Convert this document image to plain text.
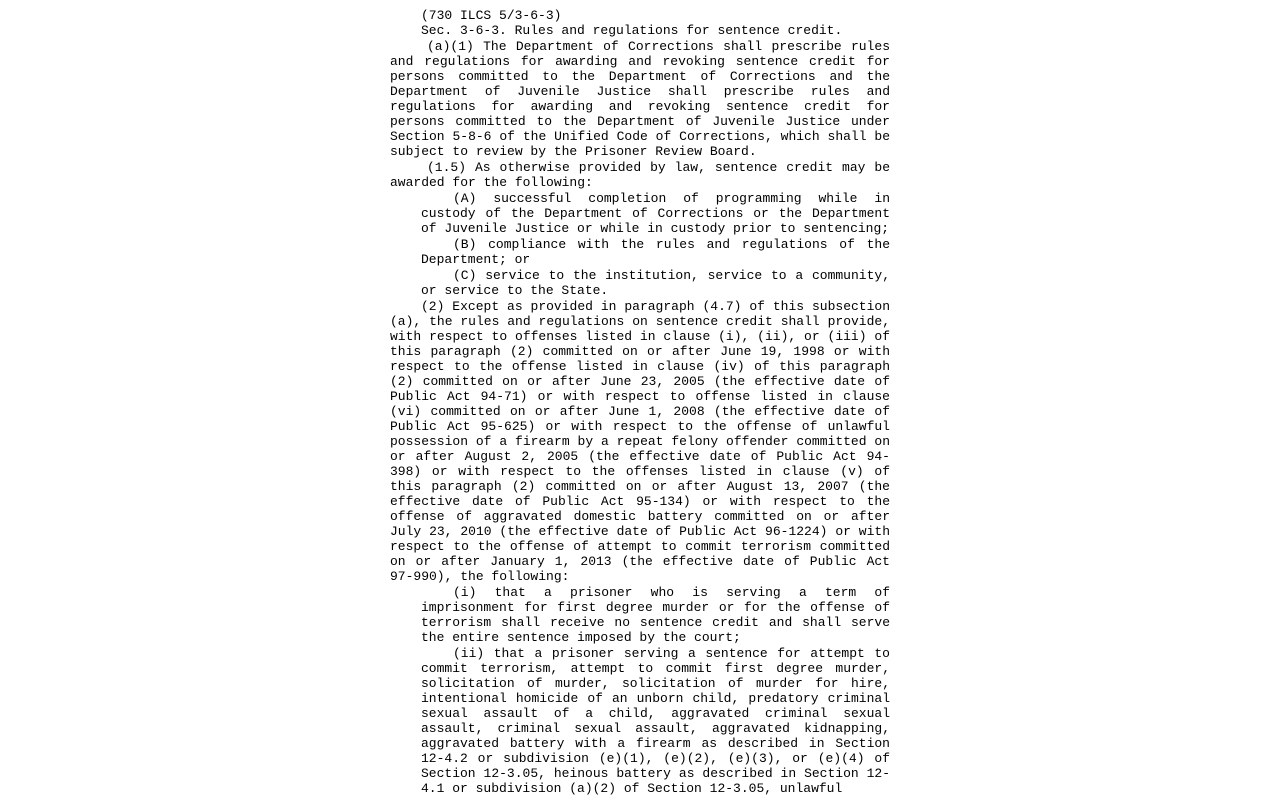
(730 ILCS 5/3-6-3)
Sec. 3-6-3. Rules and regulations for sentence credit.
(a)(1) The Department of Corrections shall prescribe rules and regulations for awarding and revoking sentence credit for persons committed to the Department of Corrections and the Department of Juvenile Justice shall prescribe rules and regulations for awarding and revoking sentence credit for persons committed to the Department of Juvenile Justice under Section 5-8-6 of the Unified Code of Corrections, which shall be subject to review by the Prisoner Review Board.
(1.5) As otherwise provided by law, sentence credit may be awarded for the following:
(A) successful completion of programming while in custody of the Department of Corrections or the Department of Juvenile Justice or while in custody prior to sentencing;
(B) compliance with the rules and regulations of the Department; or
(C) service to the institution, service to a community, or service to the State.
(2) Except as provided in paragraph (4.7) of this subsection (a), the rules and regulations on sentence credit shall provide, with respect to offenses listed in clause (i), (ii), or (iii) of this paragraph (2) committed on or after June 19, 1998 or with respect to the offense listed in clause (iv) of this paragraph (2) committed on or after June 23, 2005 (the effective date of Public Act 94-71) or with respect to offense listed in clause (vi) committed on or after June 1, 2008 (the effective date of Public Act 95-625) or with respect to the offense of unlawful possession of a firearm by a repeat felony offender committed on or after August 2, 2005 (the effective date of Public Act 94-398) or with respect to the offenses listed in clause (v) of this paragraph (2) committed on or after August 13, 2007 (the effective date of Public Act 95-134) or with respect to the offense of aggravated domestic battery committed on or after July 23, 2010 (the effective date of Public Act 96-1224) or with respect to the offense of attempt to commit terrorism committed on or after January 1, 2013 (the effective date of Public Act 97-990), the following:
(i) that a prisoner who is serving a term of imprisonment for first degree murder or for the offense of terrorism shall receive no sentence credit and shall serve the entire sentence imposed by the court;
(ii) that a prisoner serving a sentence for attempt to commit terrorism, attempt to commit first degree murder, solicitation of murder, solicitation of murder for hire, intentional homicide of an unborn child, predatory criminal sexual assault of a child, aggravated criminal sexual assault, criminal sexual assault, aggravated kidnapping, aggravated battery with a firearm as described in Section 12-4.2 or subdivision (e)(1), (e)(2), (e)(3), or (e)(4) of Section 12-3.05, heinous battery as described in Section 12-4.1 or subdivision (a)(2) of Section 12-3.05, unlawful
